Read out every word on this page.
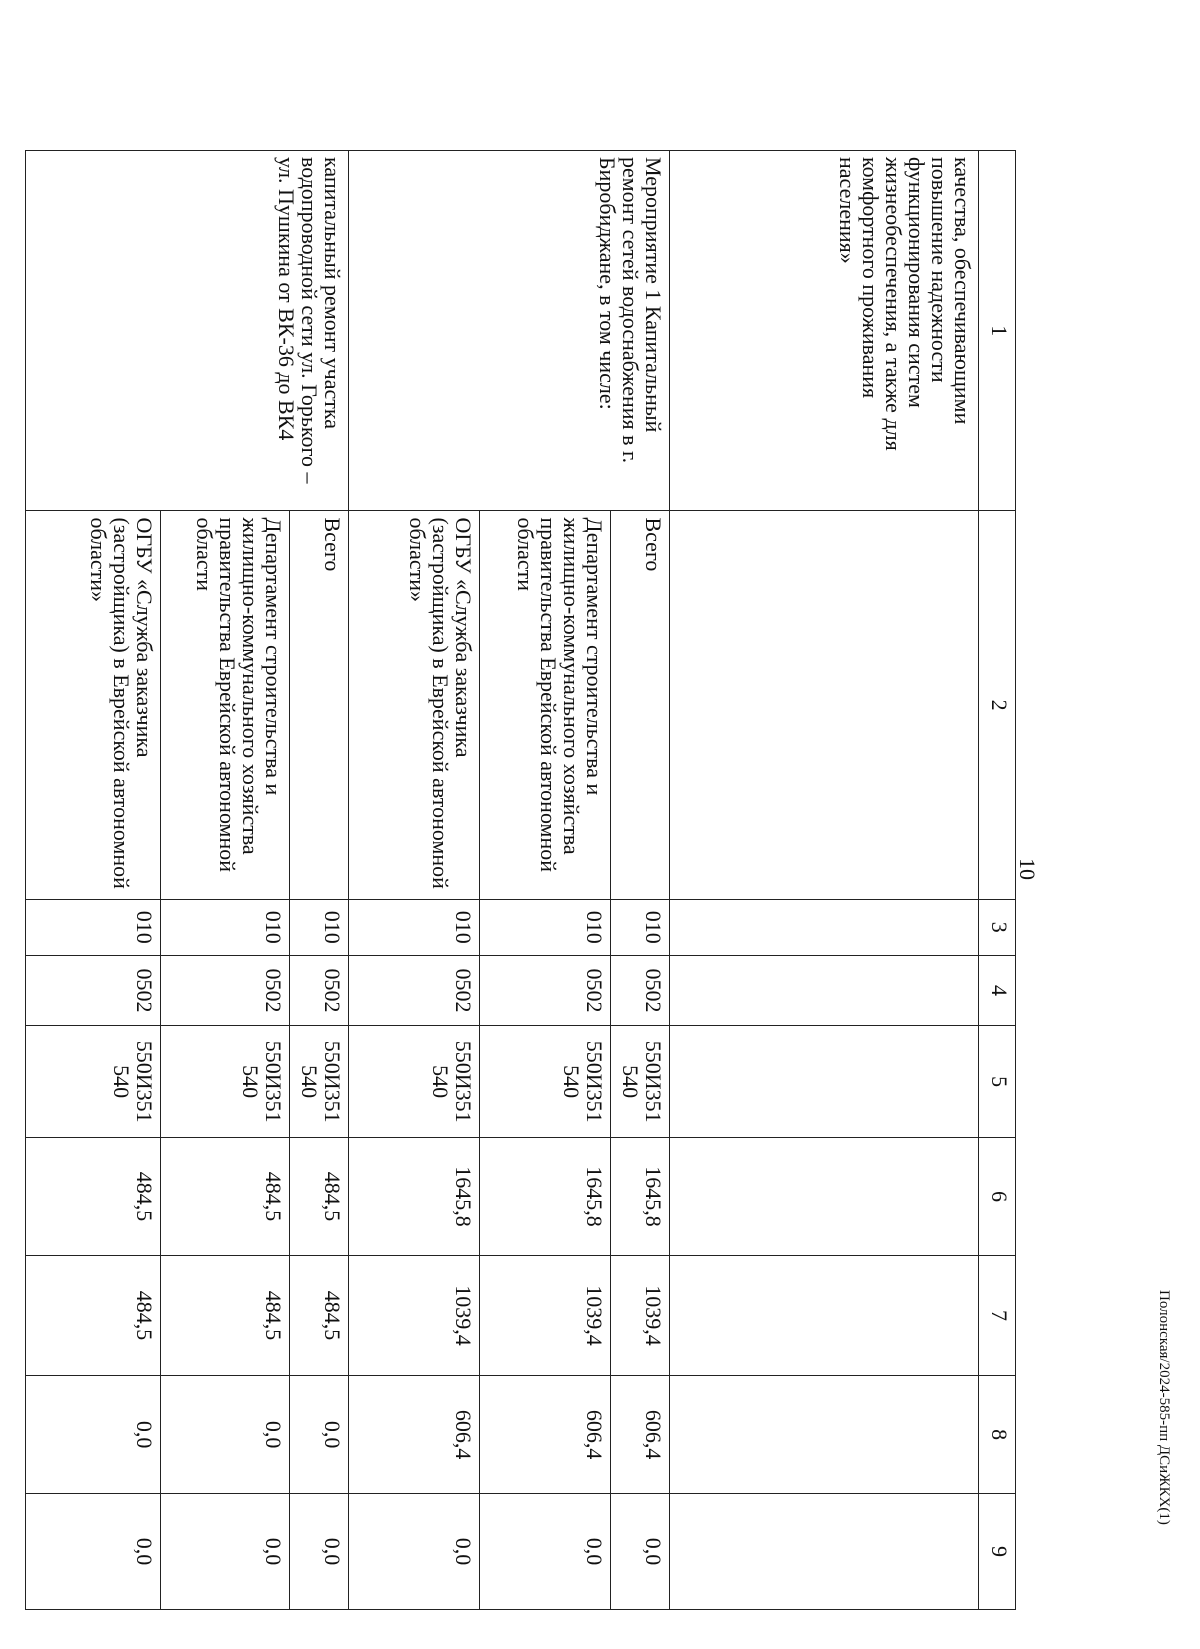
10
Полонская/2024-585-пп ДСиЖКХ(1)
1	2	3	4	5	6	7	8	9
качества, обеспечивающими повышение надежности функционирования систем жизнеобеспечения, а также для комфортного проживания населения»								
Мероприятие 1 Капитальный ремонт сетей водоснабжения в г. Биробиджане, в том числе:	Всего	010	0502	550И351 540	1645,8	1039,4	606,4	0,0
	Департамент строительства и жилищно-коммунального хозяйства правительства Еврейской автономной области	010	0502	550И351 540	1645,8	1039,4	606,4	0,0
	ОГБУ «Служба заказчика (застройщика) в Еврейской автономной области»	010	0502	550И351 540	1645,8	1039,4	606,4	0,0
капитальный ремонт участка водопроводной сети ул. Горького – ул. Пушкина от ВК-36 до ВК4	Всего	010	0502	550И351 540	484,5	484,5	0,0	0,0
	Департамент строительства и жилищно-коммунального хозяйства правительства Еврейской автономной области	010	0502	550И351 540	484,5	484,5	0,0	0,0
	ОГБУ «Служба заказчика (застройщика) в Еврейской автономной области»	010	0502	550И351 540	484,5	484,5	0,0	0,0
